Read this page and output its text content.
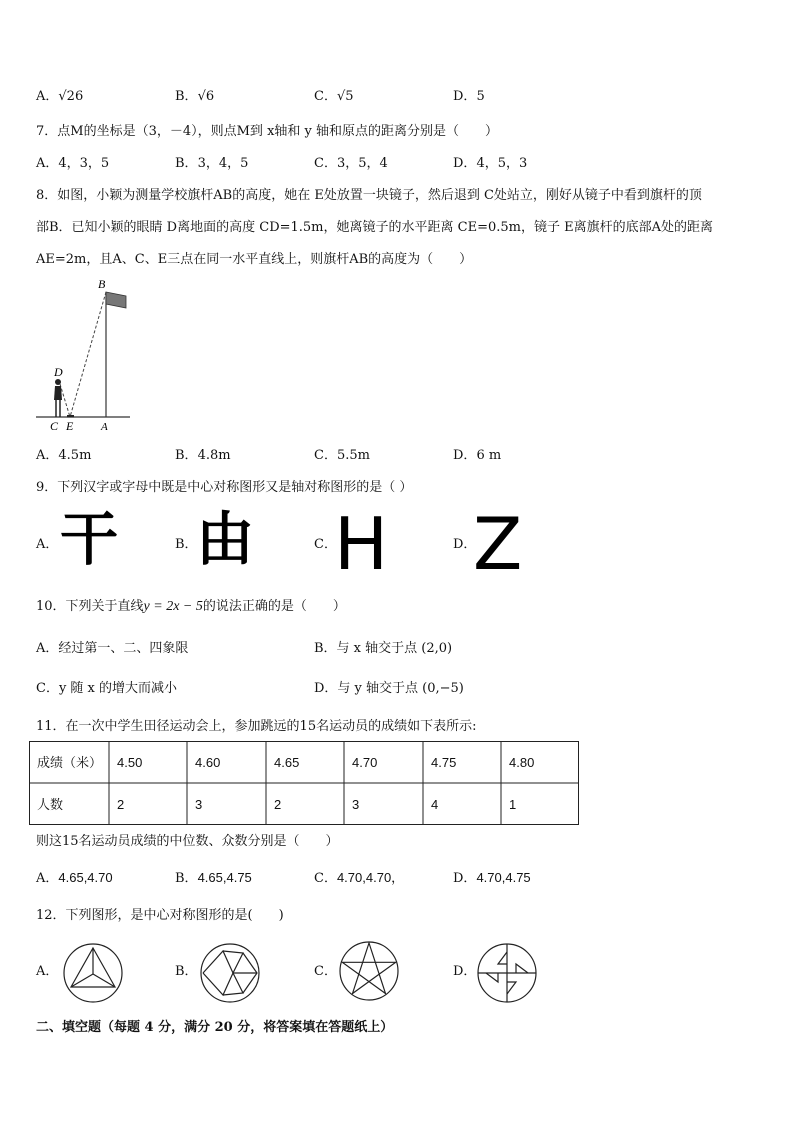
A．√26	B．√6	C．√5	D．5
7．点M的坐标是（3，－4），则点M到 x轴和 y 轴和原点的距离分别是（　　）
A．4，3，5	B．3，4，5	C．3，5，4	D．4，5，3
8．如图，小颖为测量学校旗杆AB的高度，她在 E处放置一块镜子，然后退到 C处站立，刚好从镜子中看到旗杆的顶
部B．已知小颖的眼睛 D离地面的高度 CD=1.5m，她离镜子的水平距离 CE=0.5m，镜子 E离旗杆的底部A处的距离
AE=2m，且A、C、E三点在同一水平直线上，则旗杆AB的高度为（　　）
B
D
C E	A
A．4.5m	B．4.8m	C．5.5m	D．6 m
9．下列汉字或字母中既是中心对称图形又是轴对称图形的是（ ）
A． 干	B．
由	C．
H	D．
Z
10．下列关于直线y = 2x − 5的说法正确的是（　　）
A．经过第一、二、四象限	B．与 x 轴交于点 (2,0)
C．y 随 x 的增大而减小	D．与 y 轴交于点 (0,−5)
11．在一次中学生田径运动会上，参加跳远的15名运动员的成绩如下表所示:
成绩（米） 4.50	4.60	4.65	4.70	4.75	4.80
人数	2	3	2	3	4	1
则这15名运动员成绩的中位数、众数分别是（　　）
A．4.65,4.70	B．4.65,4.75	C．4.70,4.70，	D．4.70,4.75
12．下列图形，是中心对称图形的是(　　)
A．	B．	C．	D．
二、填空题（每题 4 分，满分 20 分，将答案填在答题纸上）
